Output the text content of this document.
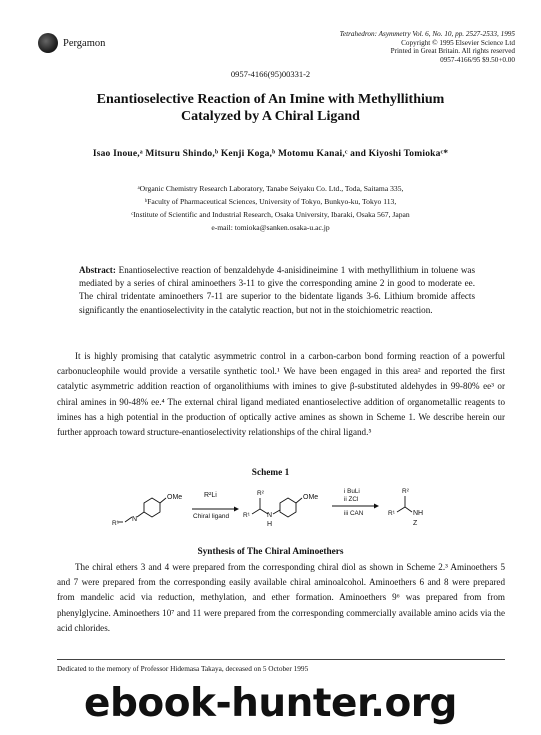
Pergamon
Tetrahedron: Asymmetry Vol. 6, No. 10, pp. 2527-2533, 1995
Copyright © 1995 Elsevier Science Ltd
Printed in Great Britain. All rights reserved
0957-4166/95 $9.50+0.00
0957-4166(95)00331-2
Enantioselective Reaction of An Imine with Methyllithium
Catalyzed by A Chiral Ligand
Isao Inoue,ᵃ Mitsuru Shindo,ᵇ Kenji Koga,ᵇ Motomu Kanai,ᶜ and Kiyoshi Tomiokaᶜ*
ᵃOrganic Chemistry Research Laboratory, Tanabe Seiyaku Co. Ltd., Toda, Saitama 335,
ᵇFaculty of Pharmaceutical Sciences, University of Tokyo, Bunkyo-ku, Tokyo 113,
ᶜInstitute of Scientific and Industrial Research, Osaka University, Ibaraki, Osaka 567, Japan
e-mail: tomioka@sanken.osaka-u.ac.jp
Abstract: Enantioselective reaction of benzaldehyde 4-anisidineimine 1 with methyllithium in toluene was mediated by a series of chiral aminoethers 3-11 to give the corresponding amine 2 in good to moderate ee. The chiral tridentate aminoethers 7-11 are superior to the bidentate ligands 3-6. Lithium bromide affects significantly the enantioselectivity in the catalytic reaction, but not in the stoichiometric reaction.
It is highly promising that catalytic asymmetric control in a carbon-carbon bond forming reaction of a powerful carbonucleophile would provide a versatile synthetic tool.¹ We have been engaged in this area² and reported the first catalytic asymmetric addition reaction of organolithiums with imines to give β-substituted aldehydes in 99-80% ee³ or chiral amines in 90-48% ee.⁴ The external chiral ligand mediated enantioselective addition of organometallic reagents to imines has a high potential in the production of optically active amines as shown in Scheme 1. We describe herein our further approach toward structure-enantioselectivity relationships of the chiral ligand.⁵
Scheme 1
OMe
N
R¹
R²Li
Chiral ligand
R²
R¹ N
H
OMe
i BuLi
ii ZCl
iii CAN
R²
R¹	NH
Z
Synthesis of The Chiral Aminoethers
The chiral ethers 3 and 4 were prepared from the corresponding chiral diol as shown in Scheme 2.³ Aminoethers 5 and 7 were prepared from the corresponding easily available chiral aminoalcohol. Aminoethers 6 and 8 were prepared from mandelic acid via reduction, methylation, and ether formation. Aminoethers 9⁶ was prepared from from phenylglycine. Aminoethers 10⁷ and 11 were prepared from the corresponding commercially available amino acids via the acid chlorides.
Dedicated to the memory of Professor Hidemasa Takaya, deceased on 5 October 1995
ebook-hunter.org
